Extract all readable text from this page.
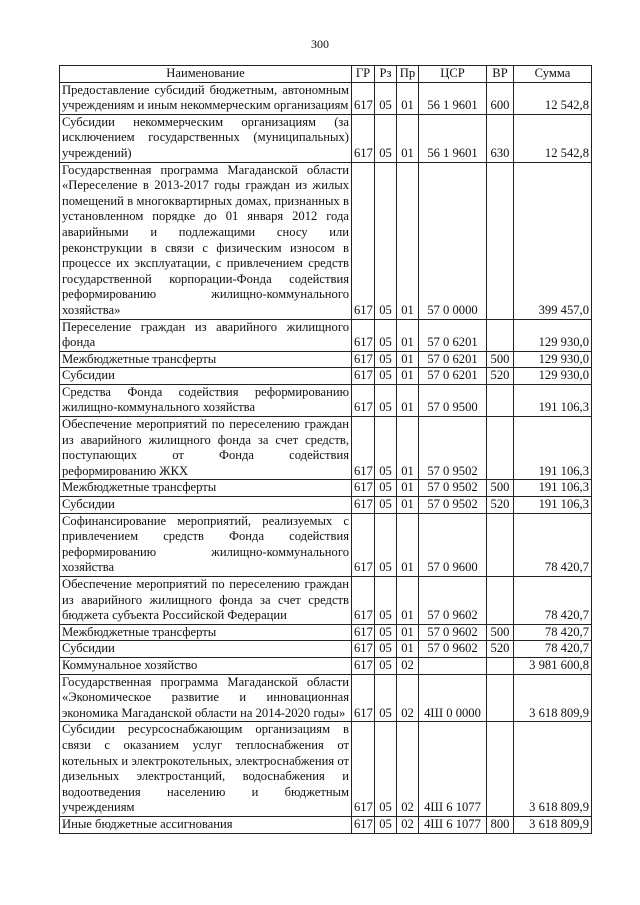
300
Наименование	ГР	Рз	Пр	ЦСР	ВР	Сумма
Предоставление субсидий бюджетным, автономным учреждениям и иным некоммерческим организациям	617	05	01	56 1 9601	600	12 542,8
Субсидии некоммерческим организациям (за исключением государственных (муниципальных) учреждений)	617	05	01	56 1 9601	630	12 542,8
Государственная программа Магаданской области «Переселение в 2013-2017 годы граждан из жилых помещений в многоквартирных домах, признанных в установленном порядке до 01 января 2012 года аварийными и подлежащими сносу или реконструкции в связи с физическим износом в процессе их эксплуатации, с привлечением средств государственной корпорации-Фонда содействия реформированию жилищно-коммунального хозяйства»	617	05	01	57 0 0000		399 457,0
Переселение граждан из аварийного жилищного фонда	617	05	01	57 0 6201		129 930,0
Межбюджетные трансферты	617	05	01	57 0 6201	500	129 930,0
Субсидии	617	05	01	57 0 6201	520	129 930,0
Средства Фонда содействия реформированию жилищно-коммунального хозяйства	617	05	01	57 0 9500		191 106,3
Обеспечение мероприятий по переселению граждан из аварийного жилищного фонда за счет средств, поступающих от Фонда содействия реформированию ЖКХ	617	05	01	57 0 9502		191 106,3
Межбюджетные трансферты	617	05	01	57 0 9502	500	191 106,3
Субсидии	617	05	01	57 0 9502	520	191 106,3
Софинансирование мероприятий, реализуемых с привлечением средств Фонда содействия реформированию жилищно-коммунального хозяйства	617	05	01	57 0 9600		78 420,7
Обеспечение мероприятий по переселению граждан из аварийного жилищного фонда за счет средств бюджета субъекта Российской Федерации	617	05	01	57 0 9602		78 420,7
Межбюджетные трансферты	617	05	01	57 0 9602	500	78 420,7
Субсидии	617	05	01	57 0 9602	520	78 420,7
Коммунальное хозяйство	617	05	02			3 981 600,8
Государственная программа Магаданской области «Экономическое развитие и инновационная экономика Магаданской области на 2014-2020 годы»	617	05	02	4Ш 0 0000		3 618 809,9
Субсидии ресурсоснабжающим организациям в связи с оказанием услуг теплоснабжения от котельных и электрокотельных, электроснабжения от дизельных электростанций, водоснабжения и водоотведения населению и бюджетным учреждениям	617	05	02	4Ш 6 1077		3 618 809,9
Иные бюджетные ассигнования	617	05	02	4Ш 6 1077	800	3 618 809,9
